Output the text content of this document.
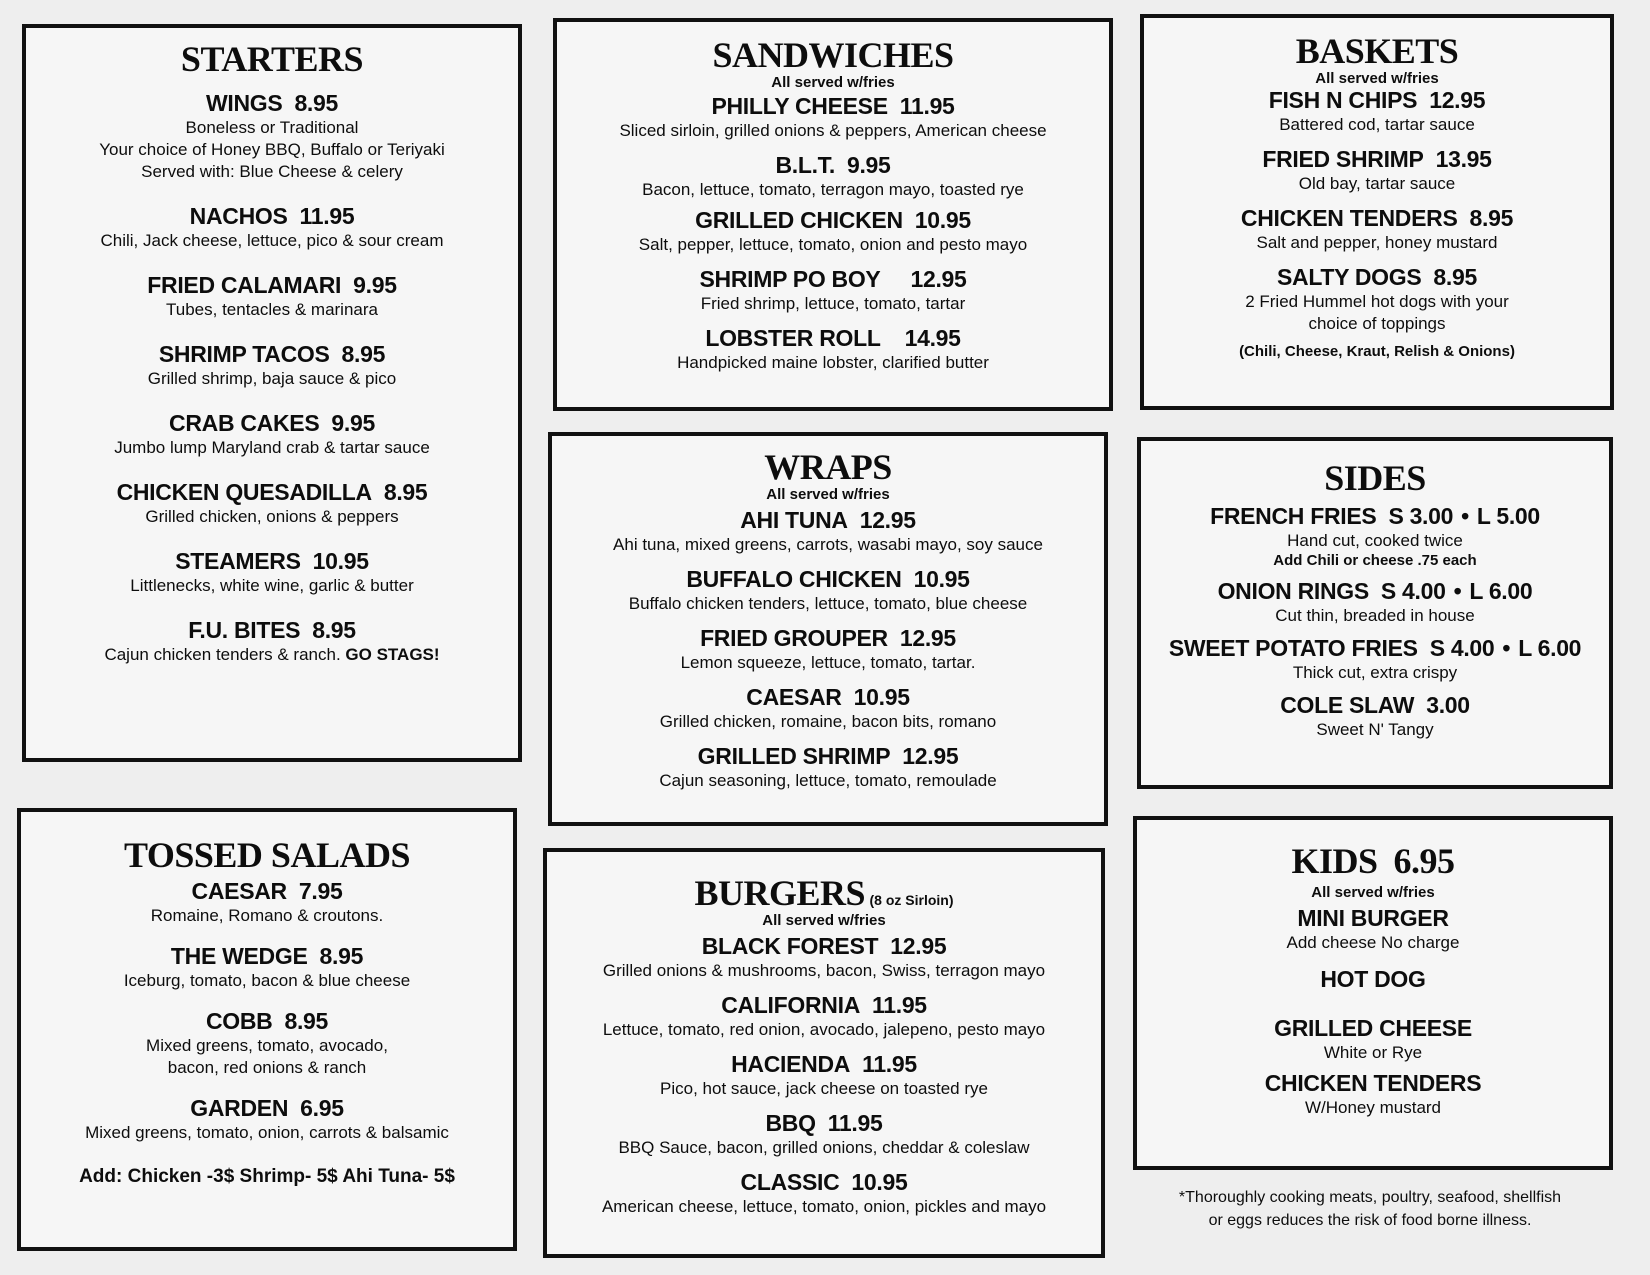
STARTERS
WINGS 8.95
Boneless or Traditional
Your choice of Honey BBQ, Buffalo or Teriyaki
Served with: Blue Cheese & celery
NACHOS 11.95
Chili, Jack cheese, lettuce, pico & sour cream
FRIED CALAMARI 9.95
Tubes, tentacles & marinara
SHRIMP TACOS 8.95
Grilled shrimp, baja sauce & pico
CRAB CAKES 9.95
Jumbo lump Maryland crab & tartar sauce
CHICKEN QUESADILLA 8.95
Grilled chicken, onions & peppers
STEAMERS 10.95
Littlenecks, white wine, garlic & butter
F.U. BITES 8.95
Cajun chicken tenders & ranch. GO STAGS!
TOSSED SALADS
CAESAR 7.95
Romaine, Romano & croutons.
THE WEDGE 8.95
Iceburg, tomato, bacon & blue cheese
COBB 8.95
Mixed greens, tomato, avocado,
bacon, red onions & ranch
GARDEN 6.95
Mixed greens, tomato, onion, carrots & balsamic
Add: Chicken -3$ Shrimp- 5$ Ahi Tuna- 5$
SANDWICHES
All served w/fries
PHILLY CHEESE 11.95
Sliced sirloin, grilled onions & peppers, American cheese
B.L.T. 9.95
Bacon, lettuce, tomato, terragon mayo, toasted rye
GRILLED CHICKEN 10.95
Salt, pepper, lettuce, tomato, onion and pesto mayo
SHRIMP PO BOY 12.95
Fried shrimp, lettuce, tomato, tartar
LOBSTER ROLL 14.95
Handpicked maine lobster, clarified butter
WRAPS
All served w/fries
AHI TUNA 12.95
Ahi tuna, mixed greens, carrots, wasabi mayo, soy sauce
BUFFALO CHICKEN 10.95
Buffalo chicken tenders, lettuce, tomato, blue cheese
FRIED GROUPER 12.95
Lemon squeeze, lettuce, tomato, tartar.
CAESAR 10.95
Grilled chicken, romaine, bacon bits, romano
GRILLED SHRIMP 12.95
Cajun seasoning, lettuce, tomato, remoulade
BURGERS (8 oz Sirloin)
All served w/fries
BLACK FOREST 12.95
Grilled onions & mushrooms, bacon, Swiss, terragon mayo
CALIFORNIA 11.95
Lettuce, tomato, red onion, avocado, jalepeno, pesto mayo
HACIENDA 11.95
Pico, hot sauce, jack cheese on toasted rye
BBQ 11.95
BBQ Sauce, bacon, grilled onions, cheddar & coleslaw
CLASSIC 10.95
American cheese, lettuce, tomato, onion, pickles and mayo
BASKETS
All served w/fries
FISH N CHIPS 12.95
Battered cod, tartar sauce
FRIED SHRIMP 13.95
Old bay, tartar sauce
CHICKEN TENDERS 8.95
Salt and pepper, honey mustard
SALTY DOGS 8.95
2 Fried Hummel hot dogs with your
choice of toppings
(Chili, Cheese, Kraut, Relish & Onions)
SIDES
FRENCH FRIES S 3.00 • L 5.00
Hand cut, cooked twice
Add Chili or cheese .75 each
ONION RINGS S 4.00 • L 6.00
Cut thin, breaded in house
SWEET POTATO FRIES S 4.00 • L 6.00
Thick cut, extra crispy
COLE SLAW 3.00
Sweet N' Tangy
KIDS 6.95
All served w/fries
MINI BURGER
Add cheese No charge
HOT DOG
GRILLED CHEESE
White or Rye
CHICKEN TENDERS
W/Honey mustard
*Thoroughly cooking meats, poultry, seafood, shellfish
or eggs reduces the risk of food borne illness.
